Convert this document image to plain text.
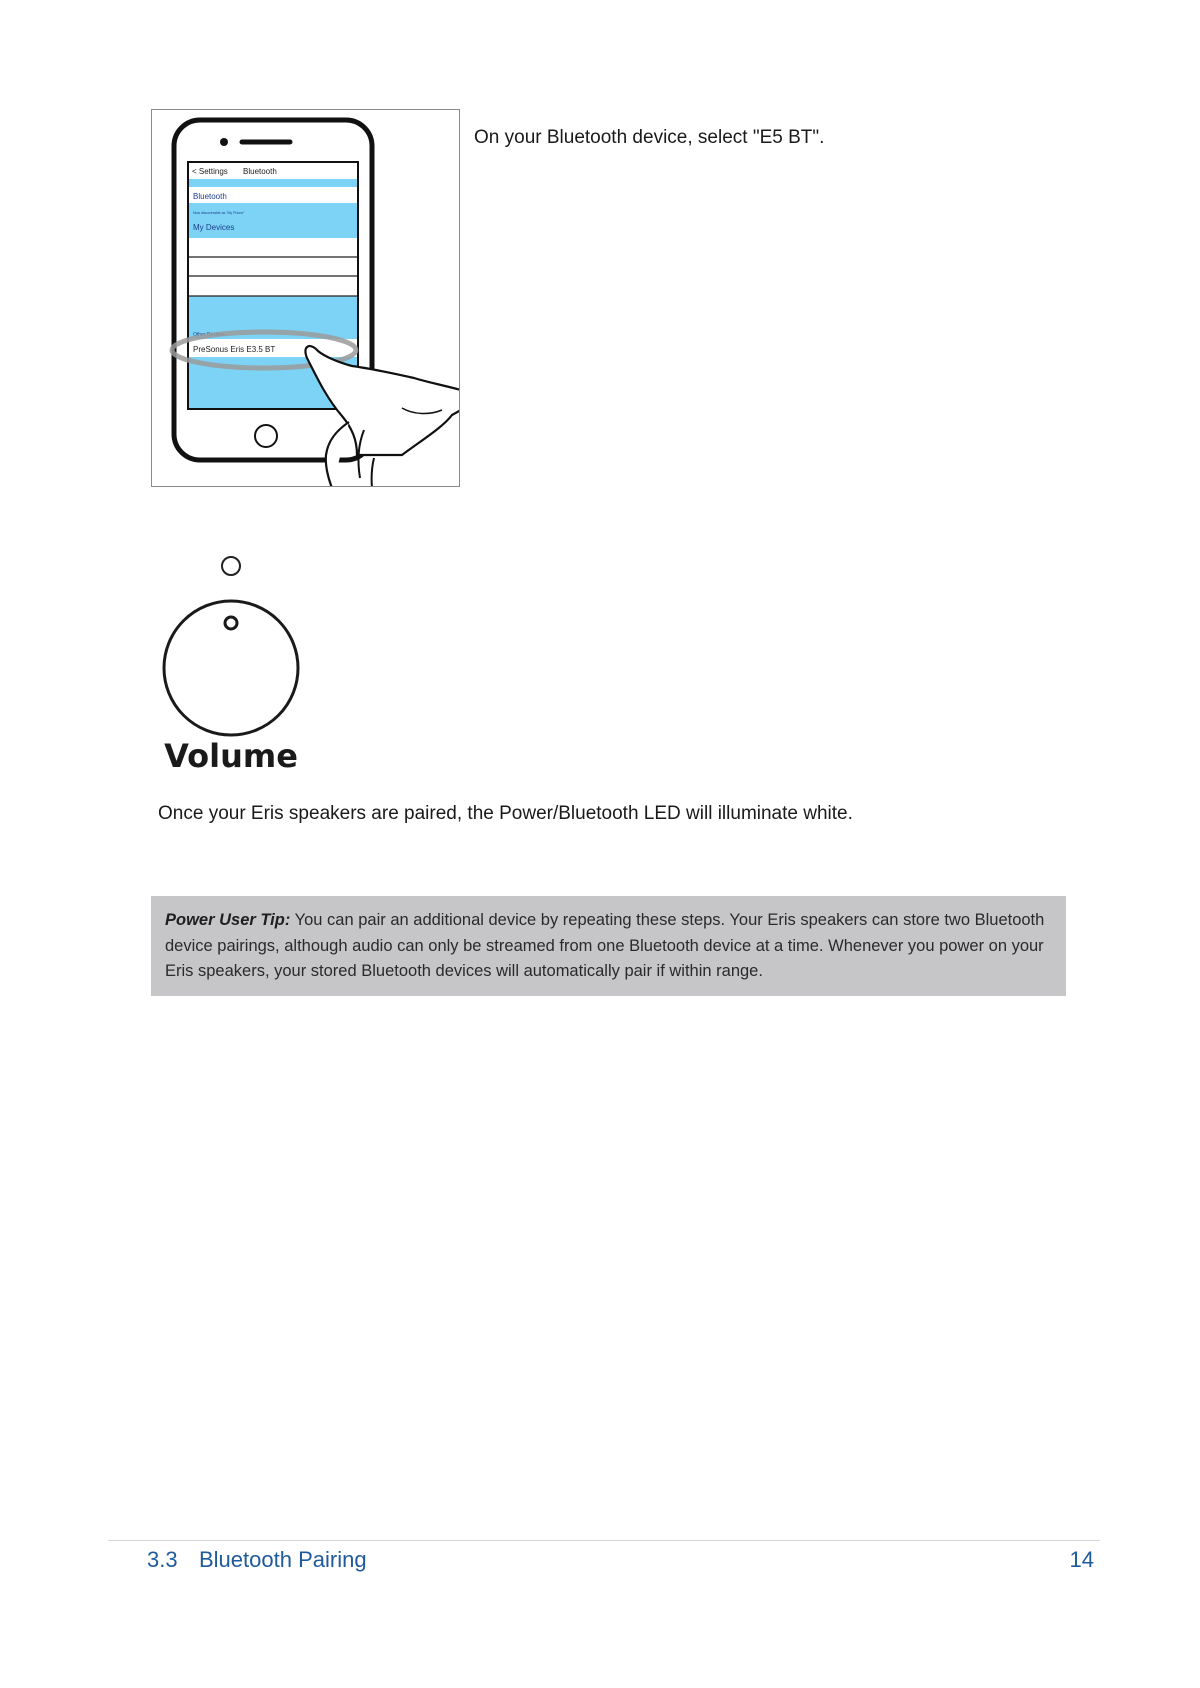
< Settings Bluetooth
Bluetooth
Now discoverable as "My Phone"
My Devices
Other Devices
PreSonus Eris E3.5 BT
On your Bluetooth device, select "E5 BT".
Volume
Once your Eris speakers are paired, the Power/Bluetooth LED will illuminate white.
Power User Tip: You can pair an additional device by repeating these steps. Your Eris speakers can store two Bluetooth device pairings, although audio can only be streamed from one Bluetooth device at a time. Whenever you power on your Eris speakers, your stored Bluetooth devices will automatically pair if within range.
3.3 Bluetooth Pairing	14
